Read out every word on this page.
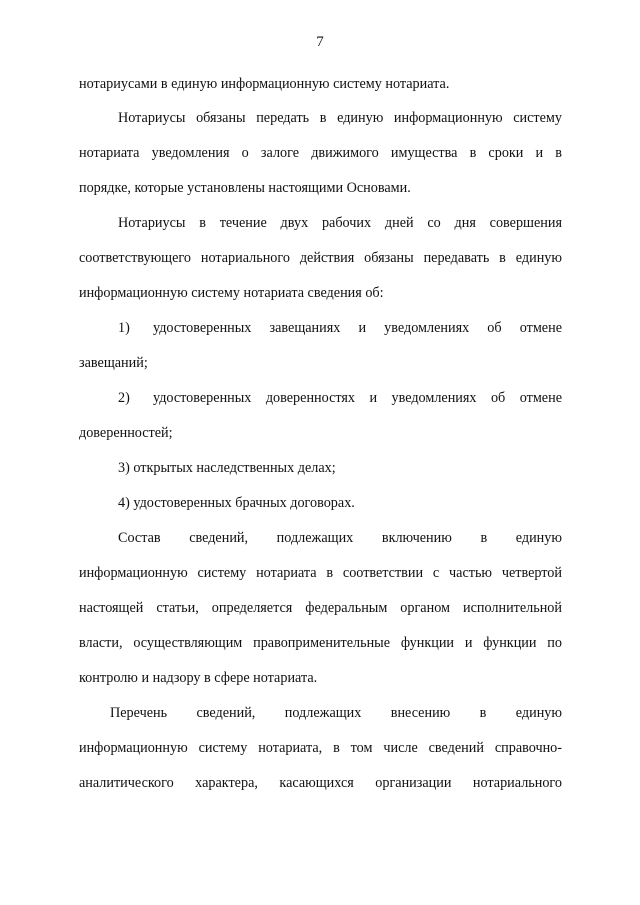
7
нотариусами в единую информационную систему нотариата.
Нотариусы обязаны передать в единую информационную систему
нотариата уведомления о залоге движимого имущества в сроки и в
порядке, которые установлены настоящими Основами.
Нотариусы в течение двух рабочих дней со дня совершения
соответствующего нотариального действия обязаны передавать в единую
информационную систему нотариата сведения об:
1)	удостоверенных завещаниях и уведомлениях об отмене
завещаний;
2)	удостоверенных доверенностях и уведомлениях об отмене
доверенностей;
3) открытых наследственных делах;
4) удостоверенных брачных договорах.
Состав сведений, подлежащих включению в единую
информационную систему нотариата в соответствии с частью четвертой
настоящей статьи, определяется федеральным органом исполнительной
власти, осуществляющим правоприменительные функции и функции по
контролю и надзору в сфере нотариата.
Перечень сведений, подлежащих внесению в единую
информационную систему нотариата, в том числе сведений справочно-
аналитического характера, касающихся организации нотариального
